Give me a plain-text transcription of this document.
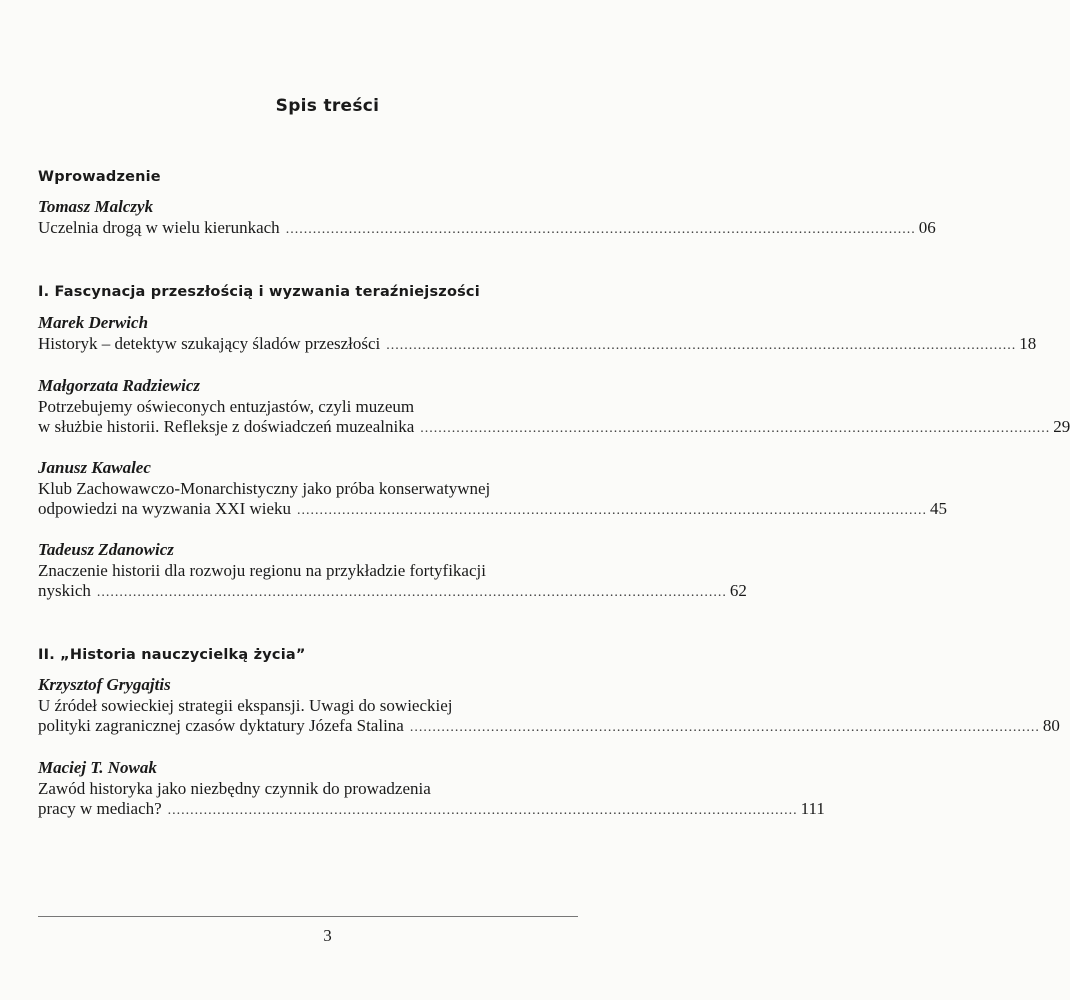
Spis treści
Wprowadzenie
Tomasz Malczyk
Uczelnia drogą w wielu kierunkach ............................................................................................................................................ 06
I. Fascynacja przeszłością i wyzwania teraźniejszości
Marek Derwich
Historyk – detektyw szukający śladów przeszłości ............................................................................................................................................ 18
Małgorzata Radziewicz
Potrzebujemy oświeconych entuzjastów, czyli muzeum
w służbie historii. Refleksje z doświadczeń muzealnika ............................................................................................................................................ 29
Janusz Kawalec
Klub Zachowawczo-Monarchistyczny jako próba konserwatywnej
odpowiedzi na wyzwania XXI wieku ............................................................................................................................................ 45
Tadeusz Zdanowicz
Znaczenie historii dla rozwoju regionu na przykładzie fortyfikacji
nyskich ............................................................................................................................................ 62
II. „Historia nauczycielką życia”
Krzysztof Grygajtis
U źródeł sowieckiej strategii ekspansji. Uwagi do sowieckiej
polityki zagranicznej czasów dyktatury Józefa Stalina ............................................................................................................................................ 80
Maciej T. Nowak
Zawód historyka jako niezbędny czynnik do prowadzenia
pracy w mediach? ............................................................................................................................................ 111
3
